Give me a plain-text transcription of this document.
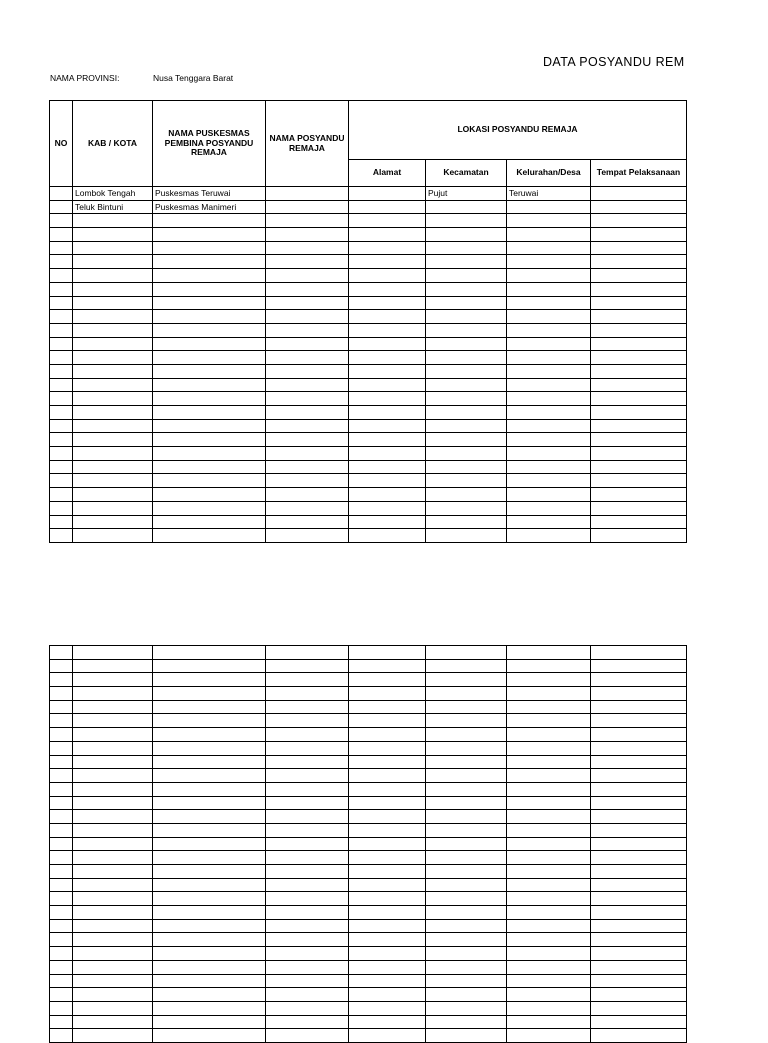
DATA POSYANDU REM
NAMA PROVINSI:	Nusa Tenggara Barat
NO	KAB / KOTA	NAMA PUSKESMAS PEMBINA POSYANDU REMAJA	NAMA POSYANDU REMAJA	LOKASI POSYANDU REMAJA			
				Alamat	Kecamatan	Kelurahan/Desa	Tempat Pelaksanaan
	Lombok Tengah	Puskesmas Teruwai			Pujut	Teruwai	
	Teluk Bintuni	Puskesmas Manimeri					
